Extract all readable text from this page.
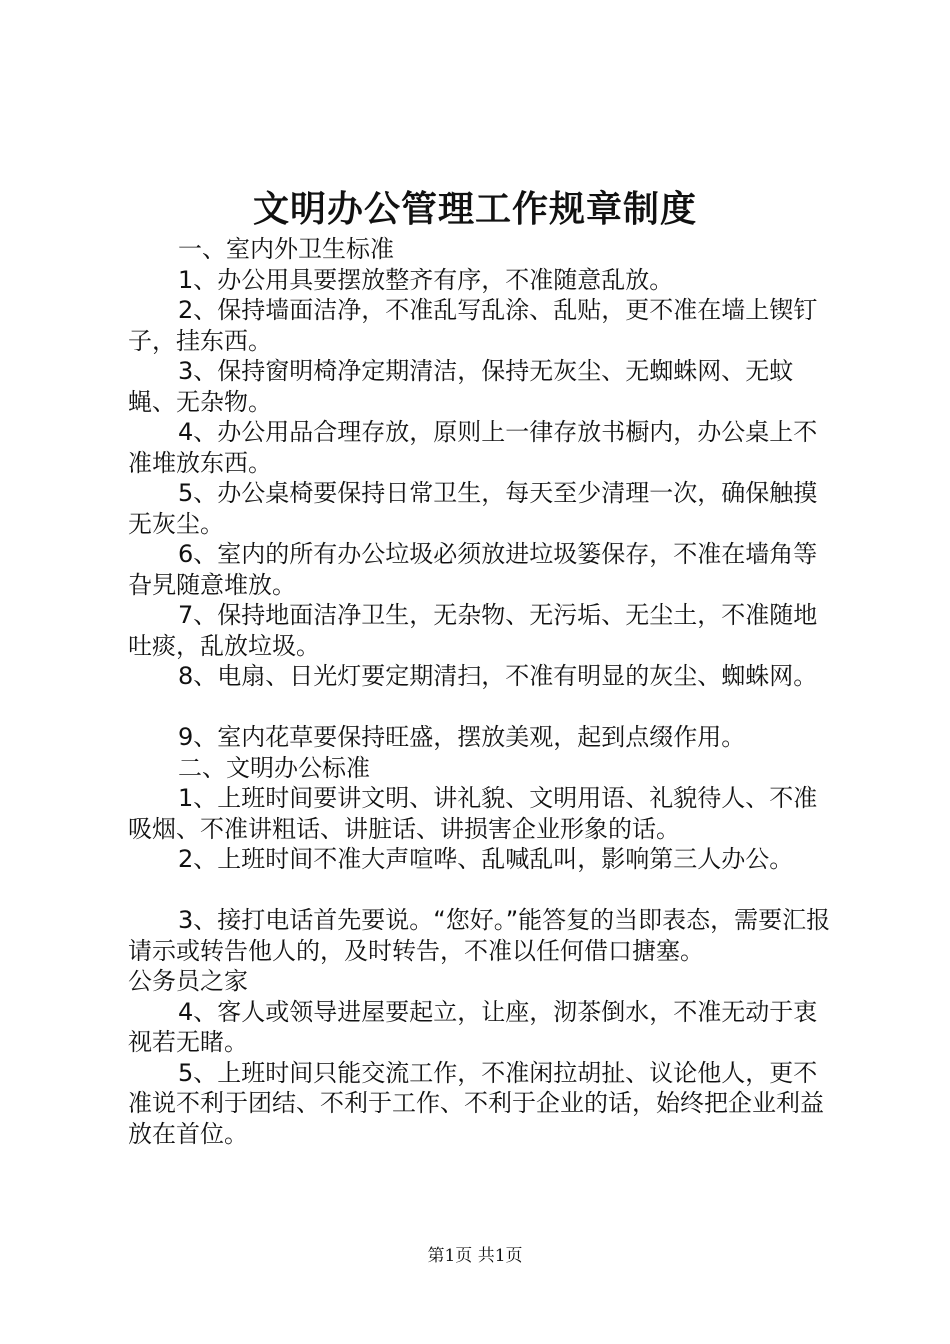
文明办公管理工作规章制度

一、室内外卫生标准

1、办公用具要摆放整齐有序，不准随意乱放。

2、保持墙面洁净，不准乱写乱涂、乱贴，更不准在墙上锲钉子，挂东西。

3、保持窗明椅净定期清洁，保持无灰尘、无蜘蛛网、无蚊蝇、无杂物。

4、办公用品合理存放，原则上一律存放书橱内，办公桌上不准堆放东西。

5、办公桌椅要保持日常卫生，每天至少清理一次，确保触摸无灰尘。

6、室内的所有办公垃圾必须放进垃圾篓保存，不准在墙角等旮旯随意堆放。

7、保持地面洁净卫生，无杂物、无污垢、无尘土，不准随地吐痰，乱放垃圾。

8、电扇、日光灯要定期清扫，不准有明显的灰尘、蜘蛛网。

9、室内花草要保持旺盛，摆放美观，起到点缀作用。

二、文明办公标准

1、上班时间要讲文明、讲礼貌、文明用语、礼貌待人、不准吸烟、不准讲粗话、讲脏话、讲损害企业形象的话。

2、上班时间不准大声喧哗、乱喊乱叫，影响第三人办公。

3、接打电话首先要说。“您好。”能答复的当即表态，需要汇报请示或转告他人的，及时转告，不准以任何借口搪塞。

公务员之家

4、客人或领导进屋要起立，让座，沏茶倒水，不准无动于衷视若无睹。

5、上班时间只能交流工作，不准闲拉胡扯、议论他人，更不准说不利于团结、不利于工作、不利于企业的话，始终把企业利益放在首位。

第1页 共1页
